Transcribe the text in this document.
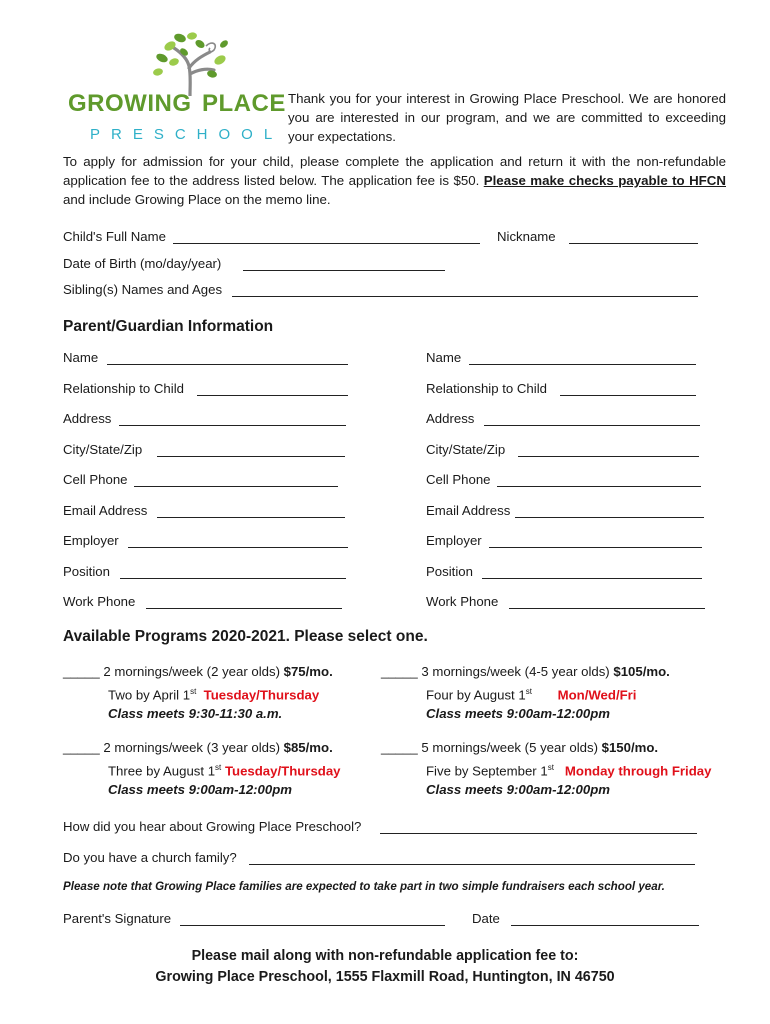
GROWING PLACE
PRESCHOOL
Thank you for your interest in Growing Place Preschool. We are honored you are interested in our program, and we are committed to exceeding your expectations.
To apply for admission for your child, please complete the application and return it with the non-refundable application fee to the address listed below. The application fee is $50. Please make checks payable to HFCN and include Growing Place on the memo line.
Child's Full Name	Nickname
Date of Birth (mo/day/year)
Sibling(s) Names and Ages
Parent/Guardian Information
Name
Relationship to Child
Address
City/State/Zip
Cell Phone
Email Address
Employer
Position
Work Phone
Name
Relationship to Child
Address
City/State/Zip
Cell Phone
Email Address
Employer
Position
Work Phone
Available Programs 2020-2021. Please select one.
_____ 2 mornings/week (2 year olds) $75/mo.
Two by April 1st Tuesday/Thursday
Class meets 9:30-11:30 a.m.
_____ 3 mornings/week (4-5 year olds) $105/mo.
Four by August 1st Mon/Wed/Fri
Class meets 9:00am-12:00pm
_____ 2 mornings/week (3 year olds) $85/mo.
Three by August 1st Tuesday/Thursday
Class meets 9:00am-12:00pm
_____ 5 mornings/week (5 year olds) $150/mo.
Five by September 1st Monday through Friday
Class meets 9:00am-12:00pm
How did you hear about Growing Place Preschool?
Do you have a church family?
Please note that Growing Place families are expected to take part in two simple fundraisers each school year.
Parent's Signature	Date
Please mail along with non-refundable application fee to:
Growing Place Preschool, 1555 Flaxmill Road, Huntington, IN 46750
